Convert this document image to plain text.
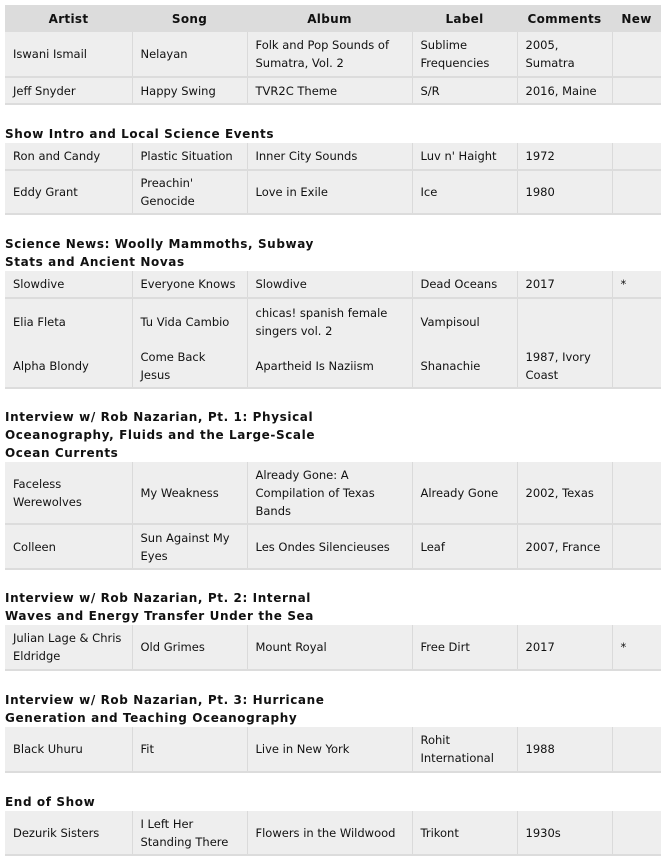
Artist	Song	Album	Label	Comments	New
Iswani Ismail	Nelayan	Folk and Pop Sounds of Sumatra, Vol. 2	Sublime Frequencies	2005, Sumatra	
Jeff Snyder	Happy Swing	TVR2C Theme	S/R	2016, Maine	
Show Intro and Local Science Events
Ron and Candy	Plastic Situation	Inner City Sounds	Luv n' Haight	1972	
Eddy Grant	Preachin' Genocide	Love in Exile	Ice	1980	
Science News: Woolly Mammoths, Subway Stats and Ancient Novas
Slowdive	Everyone Knows	Slowdive	Dead Oceans	2017	*
Elia Fleta	Tu Vida Cambio	chicas! spanish female singers vol. 2	Vampisoul		
Alpha Blondy	Come Back Jesus	Apartheid Is Naziism	Shanachie	1987, Ivory Coast	
Interview w/ Rob Nazarian, Pt. 1: Physical Oceanography, Fluids and the Large-Scale Ocean Currents
Faceless Werewolves	My Weakness	Already Gone: A Compilation of Texas Bands	Already Gone	2002, Texas	
Colleen	Sun Against My Eyes	Les Ondes Silencieuses	Leaf	2007, France	
Interview w/ Rob Nazarian, Pt. 2: Internal Waves and Energy Transfer Under the Sea
Julian Lage & Chris Eldridge	Old Grimes	Mount Royal	Free Dirt	2017	*
Interview w/ Rob Nazarian, Pt. 3: Hurricane Generation and Teaching Oceanography
Black Uhuru	Fit	Live in New York	Rohit International	1988	
End of Show
Dezurik Sisters	I Left Her Standing There	Flowers in the Wildwood	Trikont	1930s	
